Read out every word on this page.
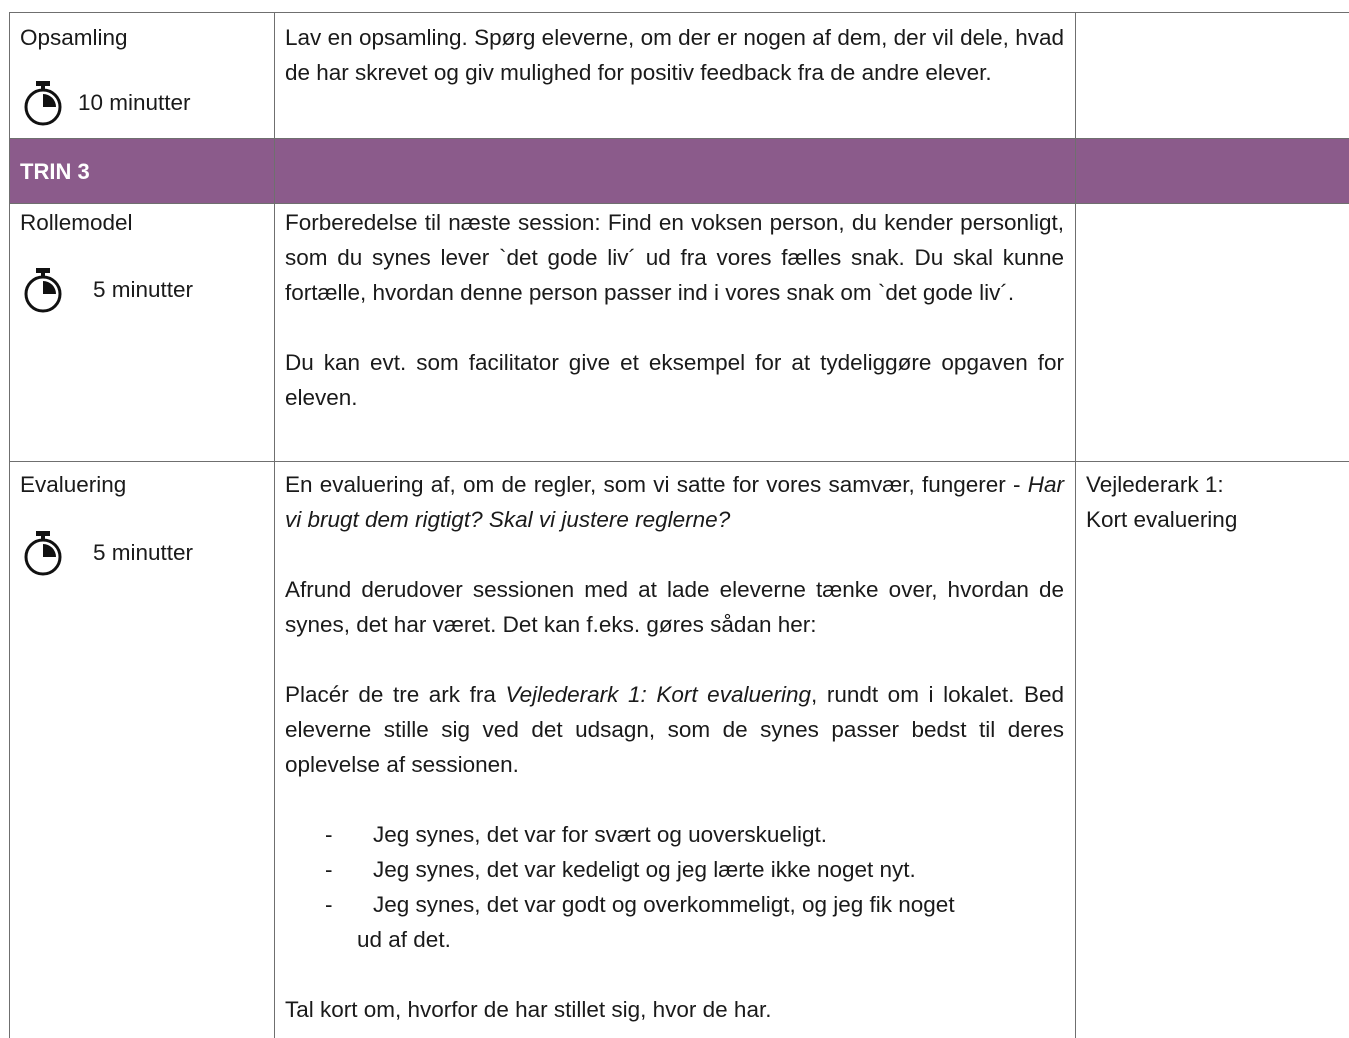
Opsamling
10 minutter
Lav en opsamling. Spørg eleverne, om der er nogen af dem, der vil dele, hvad de har skrevet og giv mulighed for positiv feedback fra de andre elever.
TRIN 3
Rollemodel
5 minutter
Forberedelse til næste session: Find en voksen person, du kender personligt, som du synes lever `det gode liv´ ud fra vores fælles snak. Du skal kunne fortælle, hvordan denne person passer ind i vores snak om `det gode liv´.
Du kan evt. som facilitator give et eksempel for at tydeliggøre opgaven for eleven.
Evaluering
5 minutter
En evaluering af, om de regler, som vi satte for vores samvær, fungerer - Har vi brugt dem rigtigt? Skal vi justere reglerne?
Afrund derudover sessionen med at lade eleverne tænke over, hvordan de synes, det har været. Det kan f.eks. gøres sådan her:
Placér de tre ark fra Vejlederark 1: Kort evaluering, rundt om i lokalet. Bed eleverne stille sig ved det udsagn, som de synes passer bedst til deres oplevelse af sessionen.
- Jeg synes, det var for svært og uoverskueligt.
- Jeg synes, det var kedeligt og jeg lærte ikke noget nyt.
- Jeg synes, det var godt og overkommeligt, og jeg fik noget
ud af det.
Tal kort om, hvorfor de har stillet sig, hvor de har.
Vejlederark 1:
Kort evaluering
